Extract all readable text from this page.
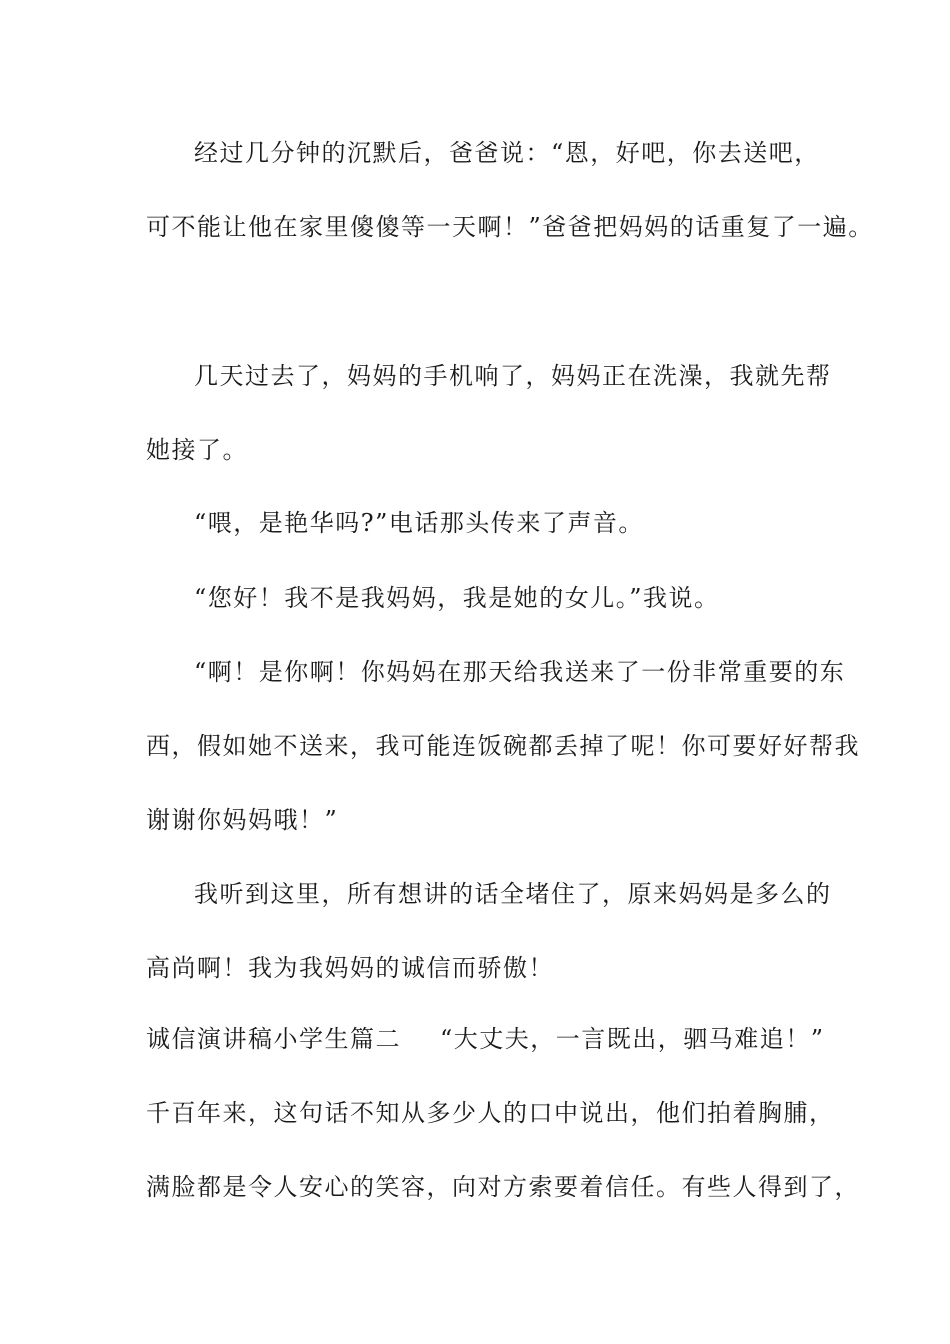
经过几分钟的沉默后，爸爸说：“恩，好吧，你去送吧，
可不能让他在家里傻傻等一天啊！”爸爸把妈妈的话重复了一遍。
几天过去了，妈妈的手机响了，妈妈正在洗澡，我就先帮
她接了。
“喂，是艳华吗?”电话那头传来了声音。
“您好！我不是我妈妈，我是她的女儿。”我说。
“啊！是你啊！你妈妈在那天给我送来了一份非常重要的东
西，假如她不送来，我可能连饭碗都丢掉了呢！你可要好好帮我
谢谢你妈妈哦！”
我听到这里，所有想讲的话全堵住了，原来妈妈是多么的
高尚啊！我为我妈妈的诚信而骄傲！
诚信演讲稿小学生篇二 “大丈夫，一言既出，驷马难追！”
千百年来，这句话不知从多少人的口中说出，他们拍着胸脯，
满脸都是令人安心的笑容，向对方索要着信任。有些人得到了，
